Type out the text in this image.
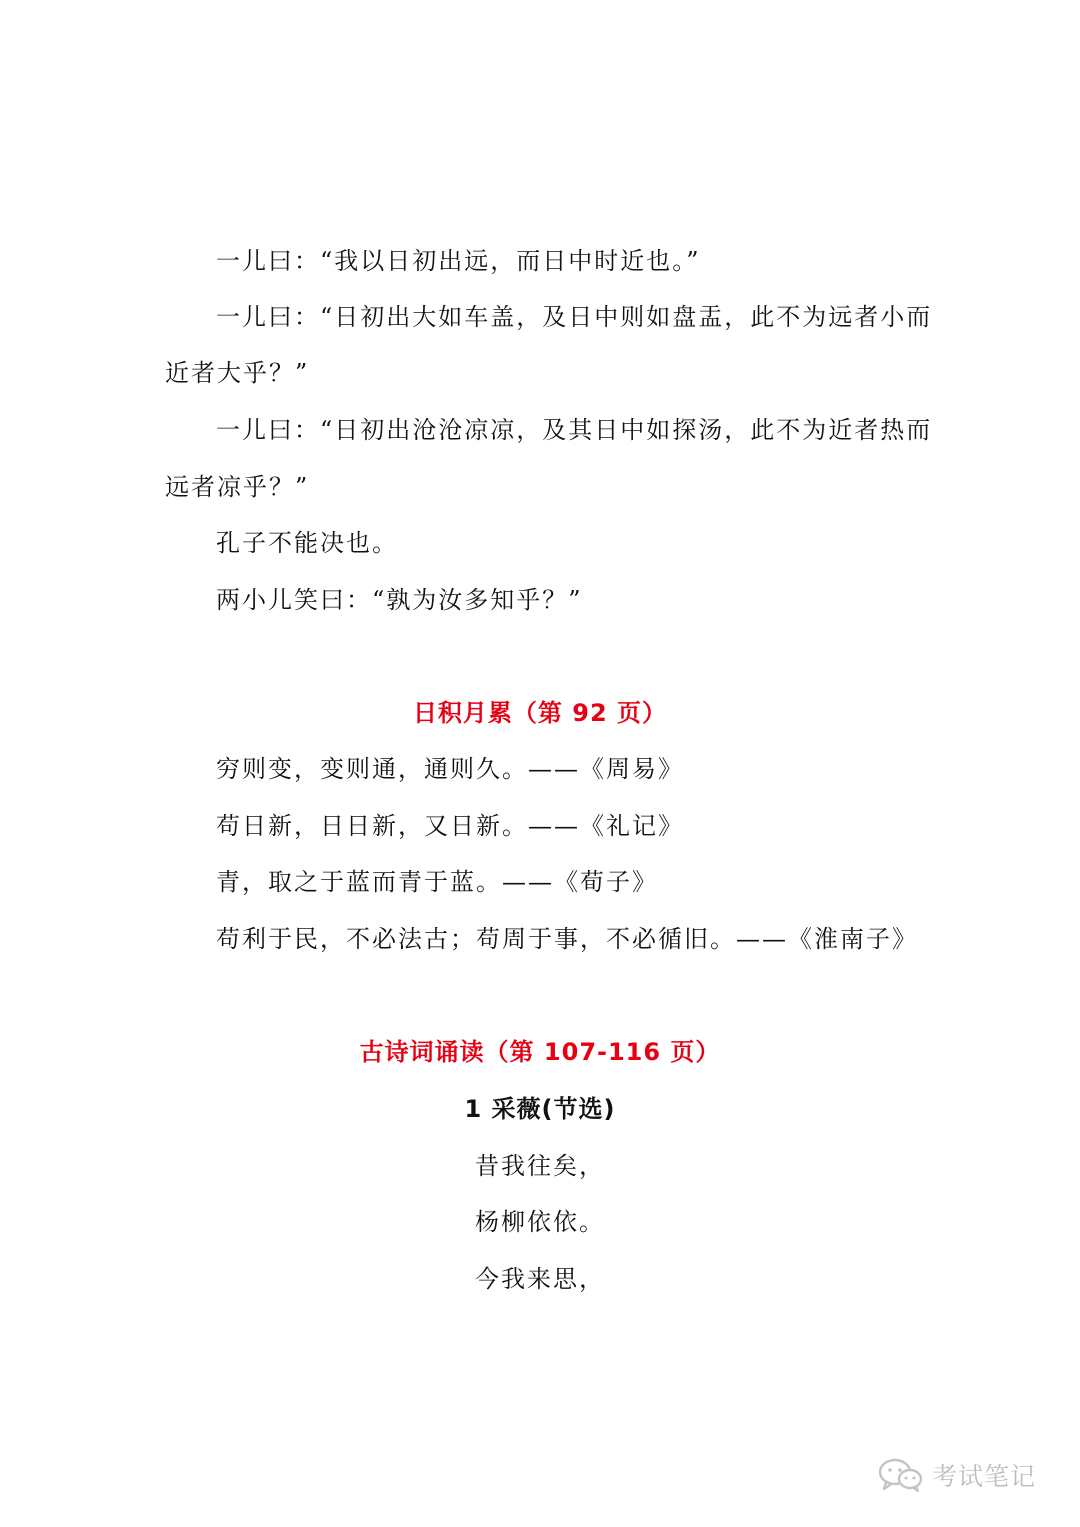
一儿曰：“我以日初出远，而日中时近也。”
一儿曰：“日初出大如车盖，及日中则如盘盂，此不为远者小而
近者大乎？”
一儿曰：“日初出沧沧凉凉，及其日中如探汤，此不为近者热而
远者凉乎？”
孔子不能决也。
两小儿笑曰：“孰为汝多知乎？”
日积月累（第 92 页）
穷则变，变则通，通则久。——《周易》
苟日新，日日新，又日新。——《礼记》
青，取之于蓝而青于蓝。——《荀子》
苟利于民，不必法古；苟周于事，不必循旧。——《淮南子》
古诗词诵读（第 107-116 页）
1 采薇(节选)
昔我往矣，
杨柳依依。
今我来思，
考试笔记
